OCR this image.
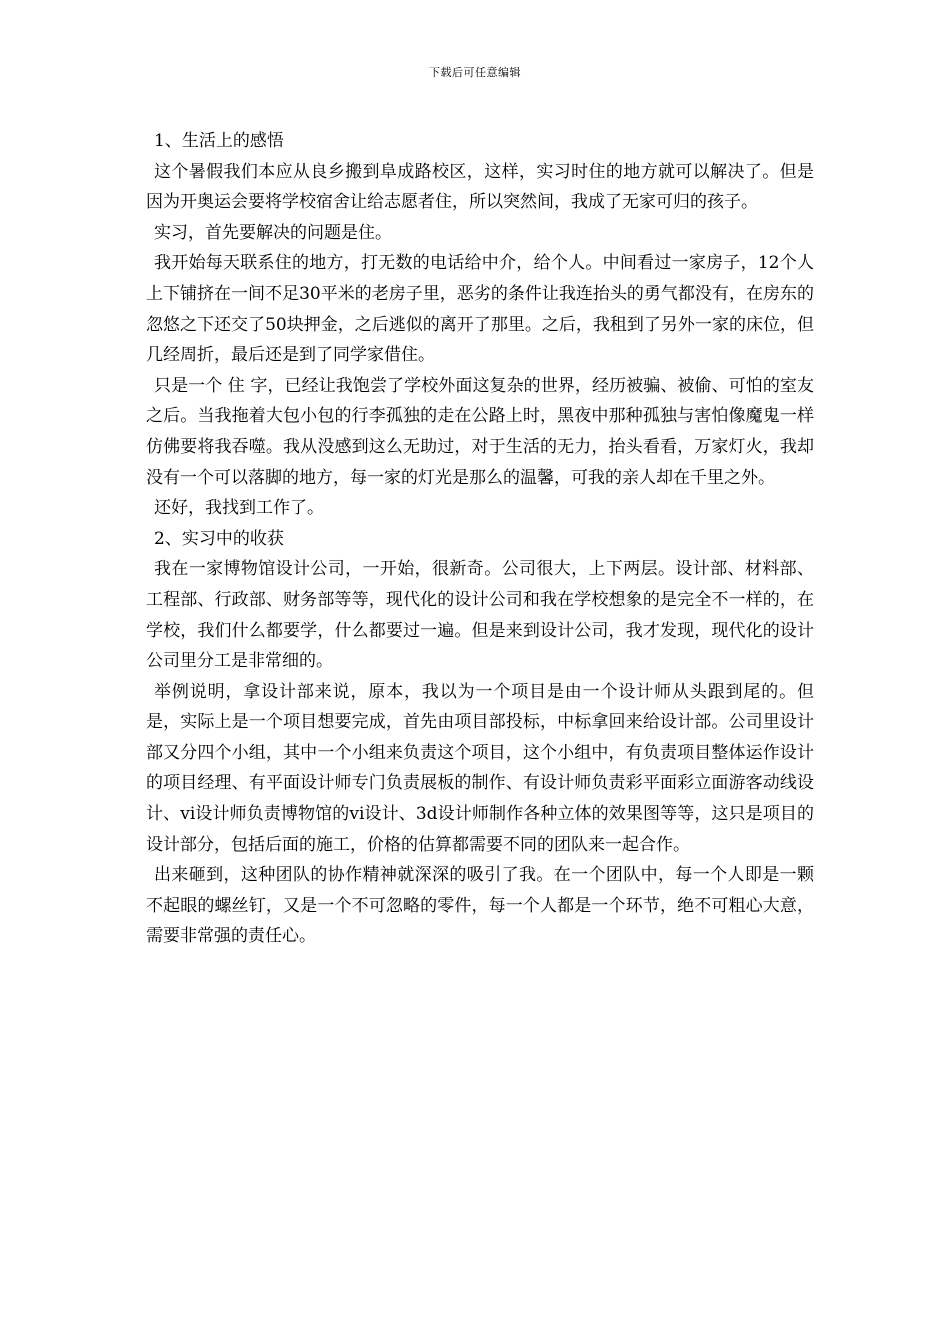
下载后可任意编辑

1、生活上的感悟

这个暑假我们本应从良乡搬到阜成路校区，这样，实习时住的地方就可以解决了。但是因为开奥运会要将学校宿舍让给志愿者住，所以突然间，我成了无家可归的孩子。

实习，首先要解决的问题是住。

我开始每天联系住的地方，打无数的电话给中介，给个人。中间看过一家房子，12个人上下铺挤在一间不足30平米的老房子里，恶劣的条件让我连抬头的勇气都没有，在房东的忽悠之下还交了50块押金，之后逃似的离开了那里。之后，我租到了另外一家的床位，但几经周折，最后还是到了同学家借住。

只是一个 住 字，已经让我饱尝了学校外面这复杂的世界，经历被骗、被偷、可怕的室友之后。当我拖着大包小包的行李孤独的走在公路上时，黑夜中那种孤独与害怕像魔鬼一样仿佛要将我吞噬。我从没感到这么无助过，对于生活的无力，抬头看看，万家灯火，我却没有一个可以落脚的地方，每一家的灯光是那么的温馨，可我的亲人却在千里之外。

还好，我找到工作了。

2、实习中的收获

我在一家博物馆设计公司，一开始，很新奇。公司很大，上下两层。设计部、材料部、工程部、行政部、财务部等等，现代化的设计公司和我在学校想象的是完全不一样的，在学校，我们什么都要学，什么都要过一遍。但是来到设计公司，我才发现，现代化的设计公司里分工是非常细的。

举例说明，拿设计部来说，原本，我以为一个项目是由一个设计师从头跟到尾的。但是，实际上是一个项目想要完成，首先由项目部投标，中标拿回来给设计部。公司里设计部又分四个小组，其中一个小组来负责这个项目，这个小组中，有负责项目整体运作设计的项目经理、有平面设计师专门负责展板的制作、有设计师负责彩平面彩立面游客动线设计、vi设计师负责博物馆的vi设计、3d设计师制作各种立体的效果图等等，这只是项目的设计部分，包括后面的施工，价格的估算都需要不同的团队来一起合作。

出来砸到，这种团队的协作精神就深深的吸引了我。在一个团队中，每一个人即是一颗不起眼的螺丝钉，又是一个不可忽略的零件，每一个人都是一个环节，绝不可粗心大意，需要非常强的责任心。
